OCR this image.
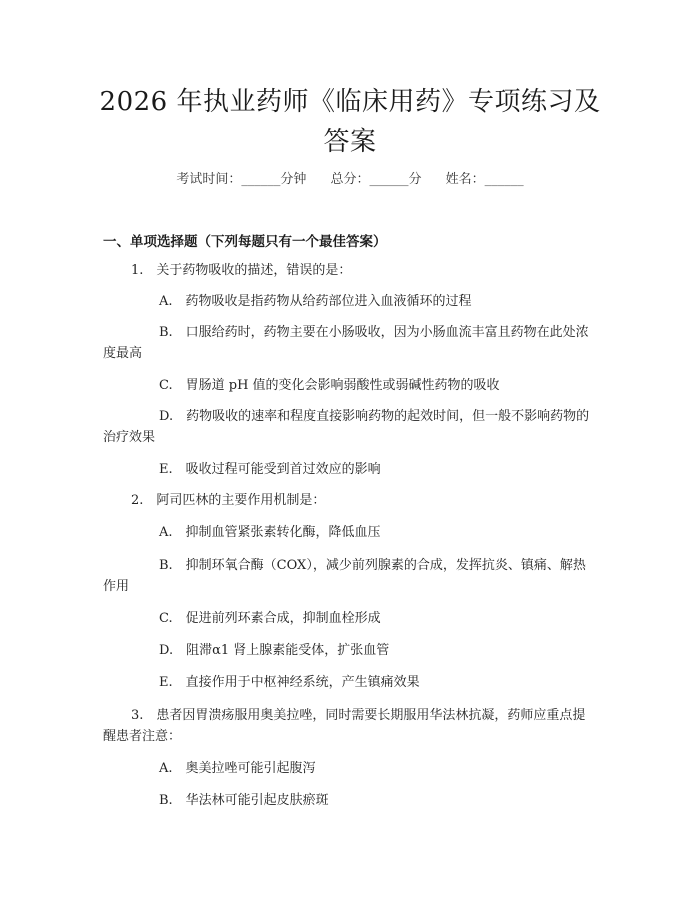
2026 年执业药师《临床用药》专项练习及答案
考试时间：______分钟 总分：______分 姓名：______
一、单项选择题（下列每题只有一个最佳答案）
1.　关于药物吸收的描述，错误的是：
A.　药物吸收是指药物从给药部位进入血液循环的过程
B.　口服给药时，药物主要在小肠吸收，因为小肠血流丰富且药物在此处浓度最高
C.　胃肠道 pH 值的变化会影响弱酸性或弱碱性药物的吸收
D.　药物吸收的速率和程度直接影响药物的起效时间，但一般不影响药物的治疗效果
E.　吸收过程可能受到首过效应的影响
2.　阿司匹林的主要作用机制是：
A.　抑制血管紧张素转化酶，降低血压
B.　抑制环氧合酶（COX），减少前列腺素的合成，发挥抗炎、镇痛、解热作用
C.　促进前列环素合成，抑制血栓形成
D.　阻滞α1 肾上腺素能受体，扩张血管
E.　直接作用于中枢神经系统，产生镇痛效果
3.　患者因胃溃疡服用奥美拉唑，同时需要长期服用华法林抗凝，药师应重点提醒患者注意：
A.　奥美拉唑可能引起腹泻
B.　华法林可能引起皮肤瘀斑
